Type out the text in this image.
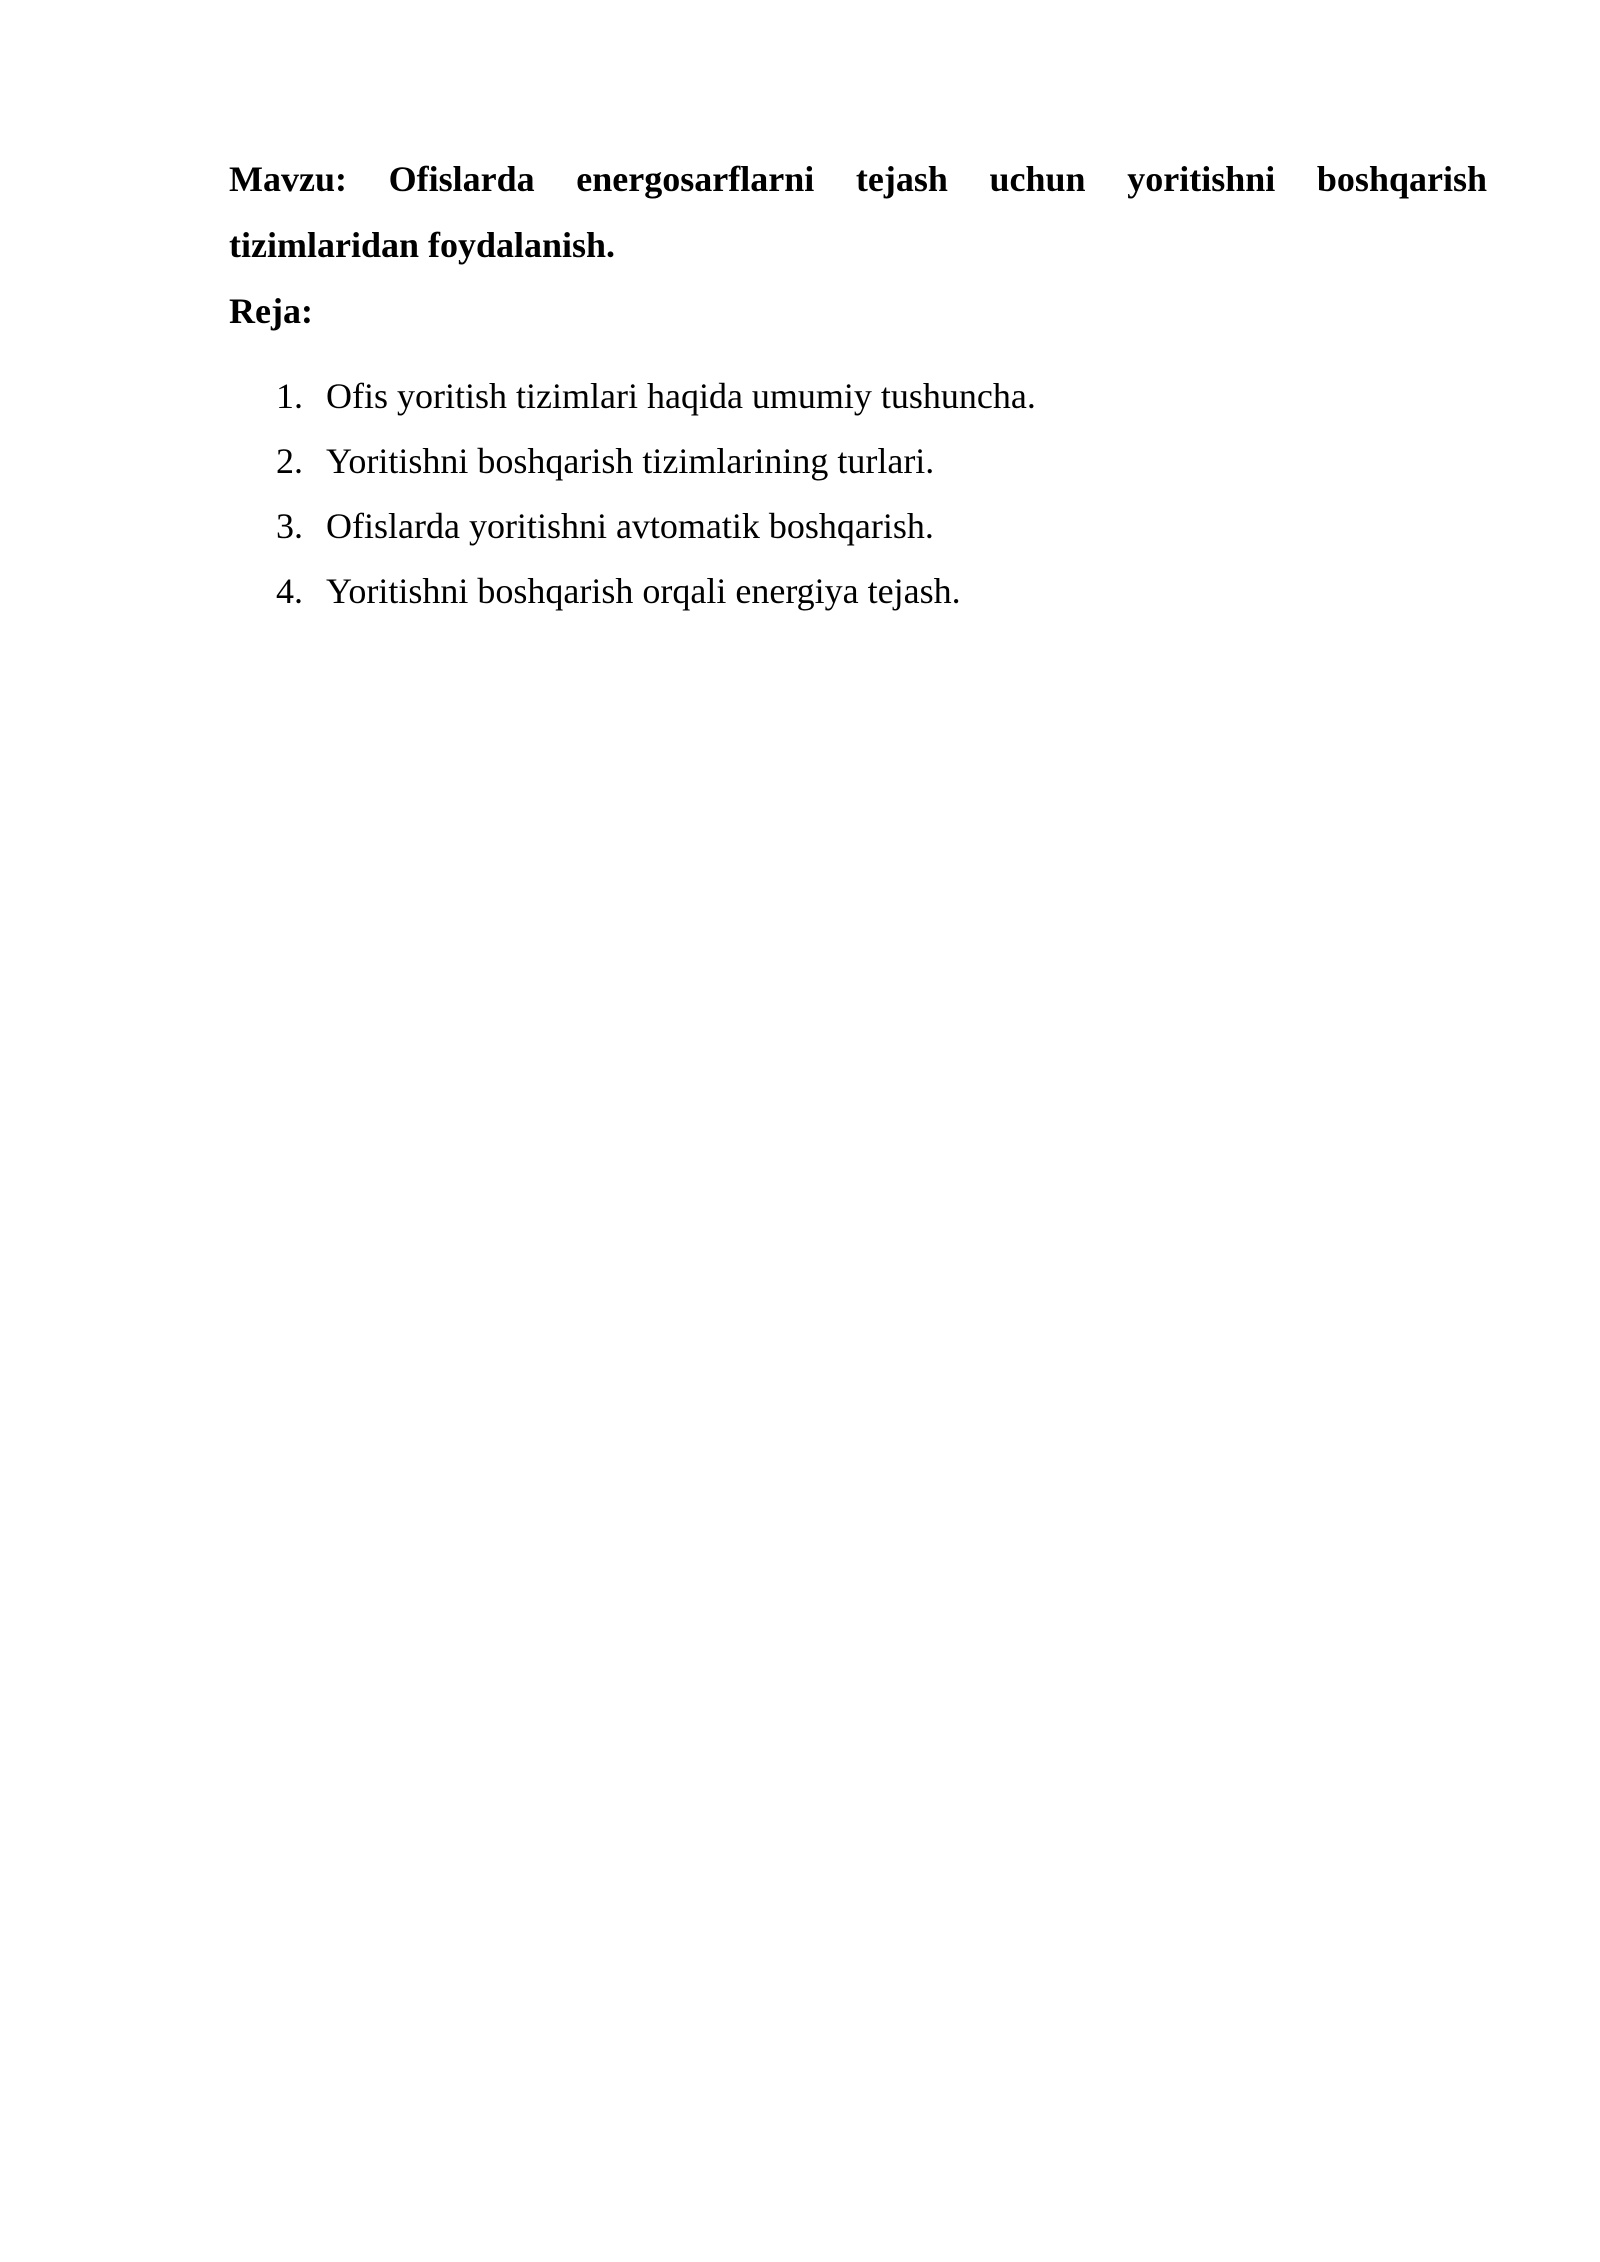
Mavzu: Ofislarda energosarflarni tejash uchun yoritishni boshqarish tizimlaridan foydalanish.

Reja:

1. Ofis yoritish tizimlari haqida umumiy tushuncha.
2. Yoritishni boshqarish tizimlarining turlari.
3. Ofislarda yoritishni avtomatik boshqarish.
4. Yoritishni boshqarish orqali energiya tejash.
